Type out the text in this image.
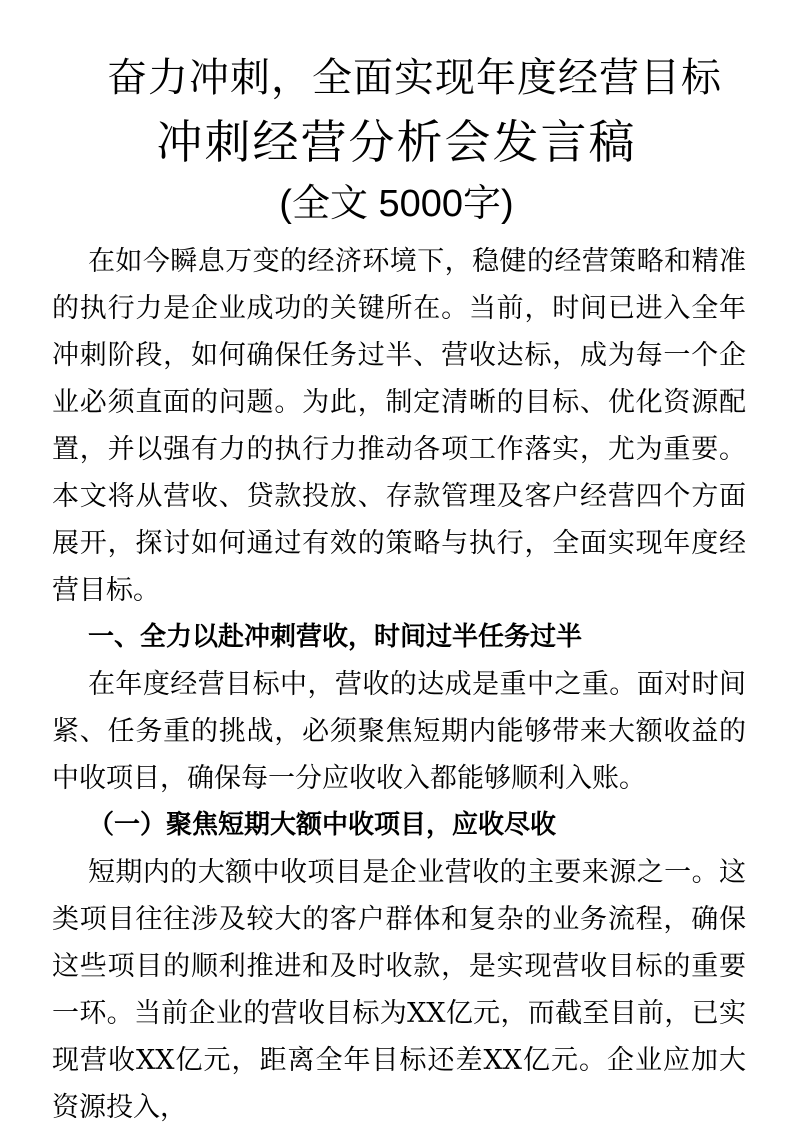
奋力冲刺，全面实现年度经营目标
冲刺经营分析会发言稿
(全文 5000字)

在如今瞬息万变的经济环境下，稳健的经营策略和精准的执行力是企业成功的关键所在。当前，时间已进入全年冲刺阶段，如何确保任务过半、营收达标，成为每一个企业必须直面的问题。为此，制定清晰的目标、优化资源配置，并以强有力的执行力推动各项工作落实，尤为重要。本文将从营收、贷款投放、存款管理及客户经营四个方面展开，探讨如何通过有效的策略与执行，全面实现年度经营目标。

一、全力以赴冲刺营收，时间过半任务过半

在年度经营目标中，营收的达成是重中之重。面对时间紧、任务重的挑战，必须聚焦短期内能够带来大额收益的中收项目，确保每一分应收收入都能够顺利入账。

（一）聚焦短期大额中收项目，应收尽收

短期内的大额中收项目是企业营收的主要来源之一。这类项目往往涉及较大的客户群体和复杂的业务流程，确保这些项目的顺利推进和及时收款，是实现营收目标的重要一环。当前企业的营收目标为XX亿元，而截至目前，已实现营收XX亿元，距离全年目标还差XX亿元。企业应加大资源投入，
